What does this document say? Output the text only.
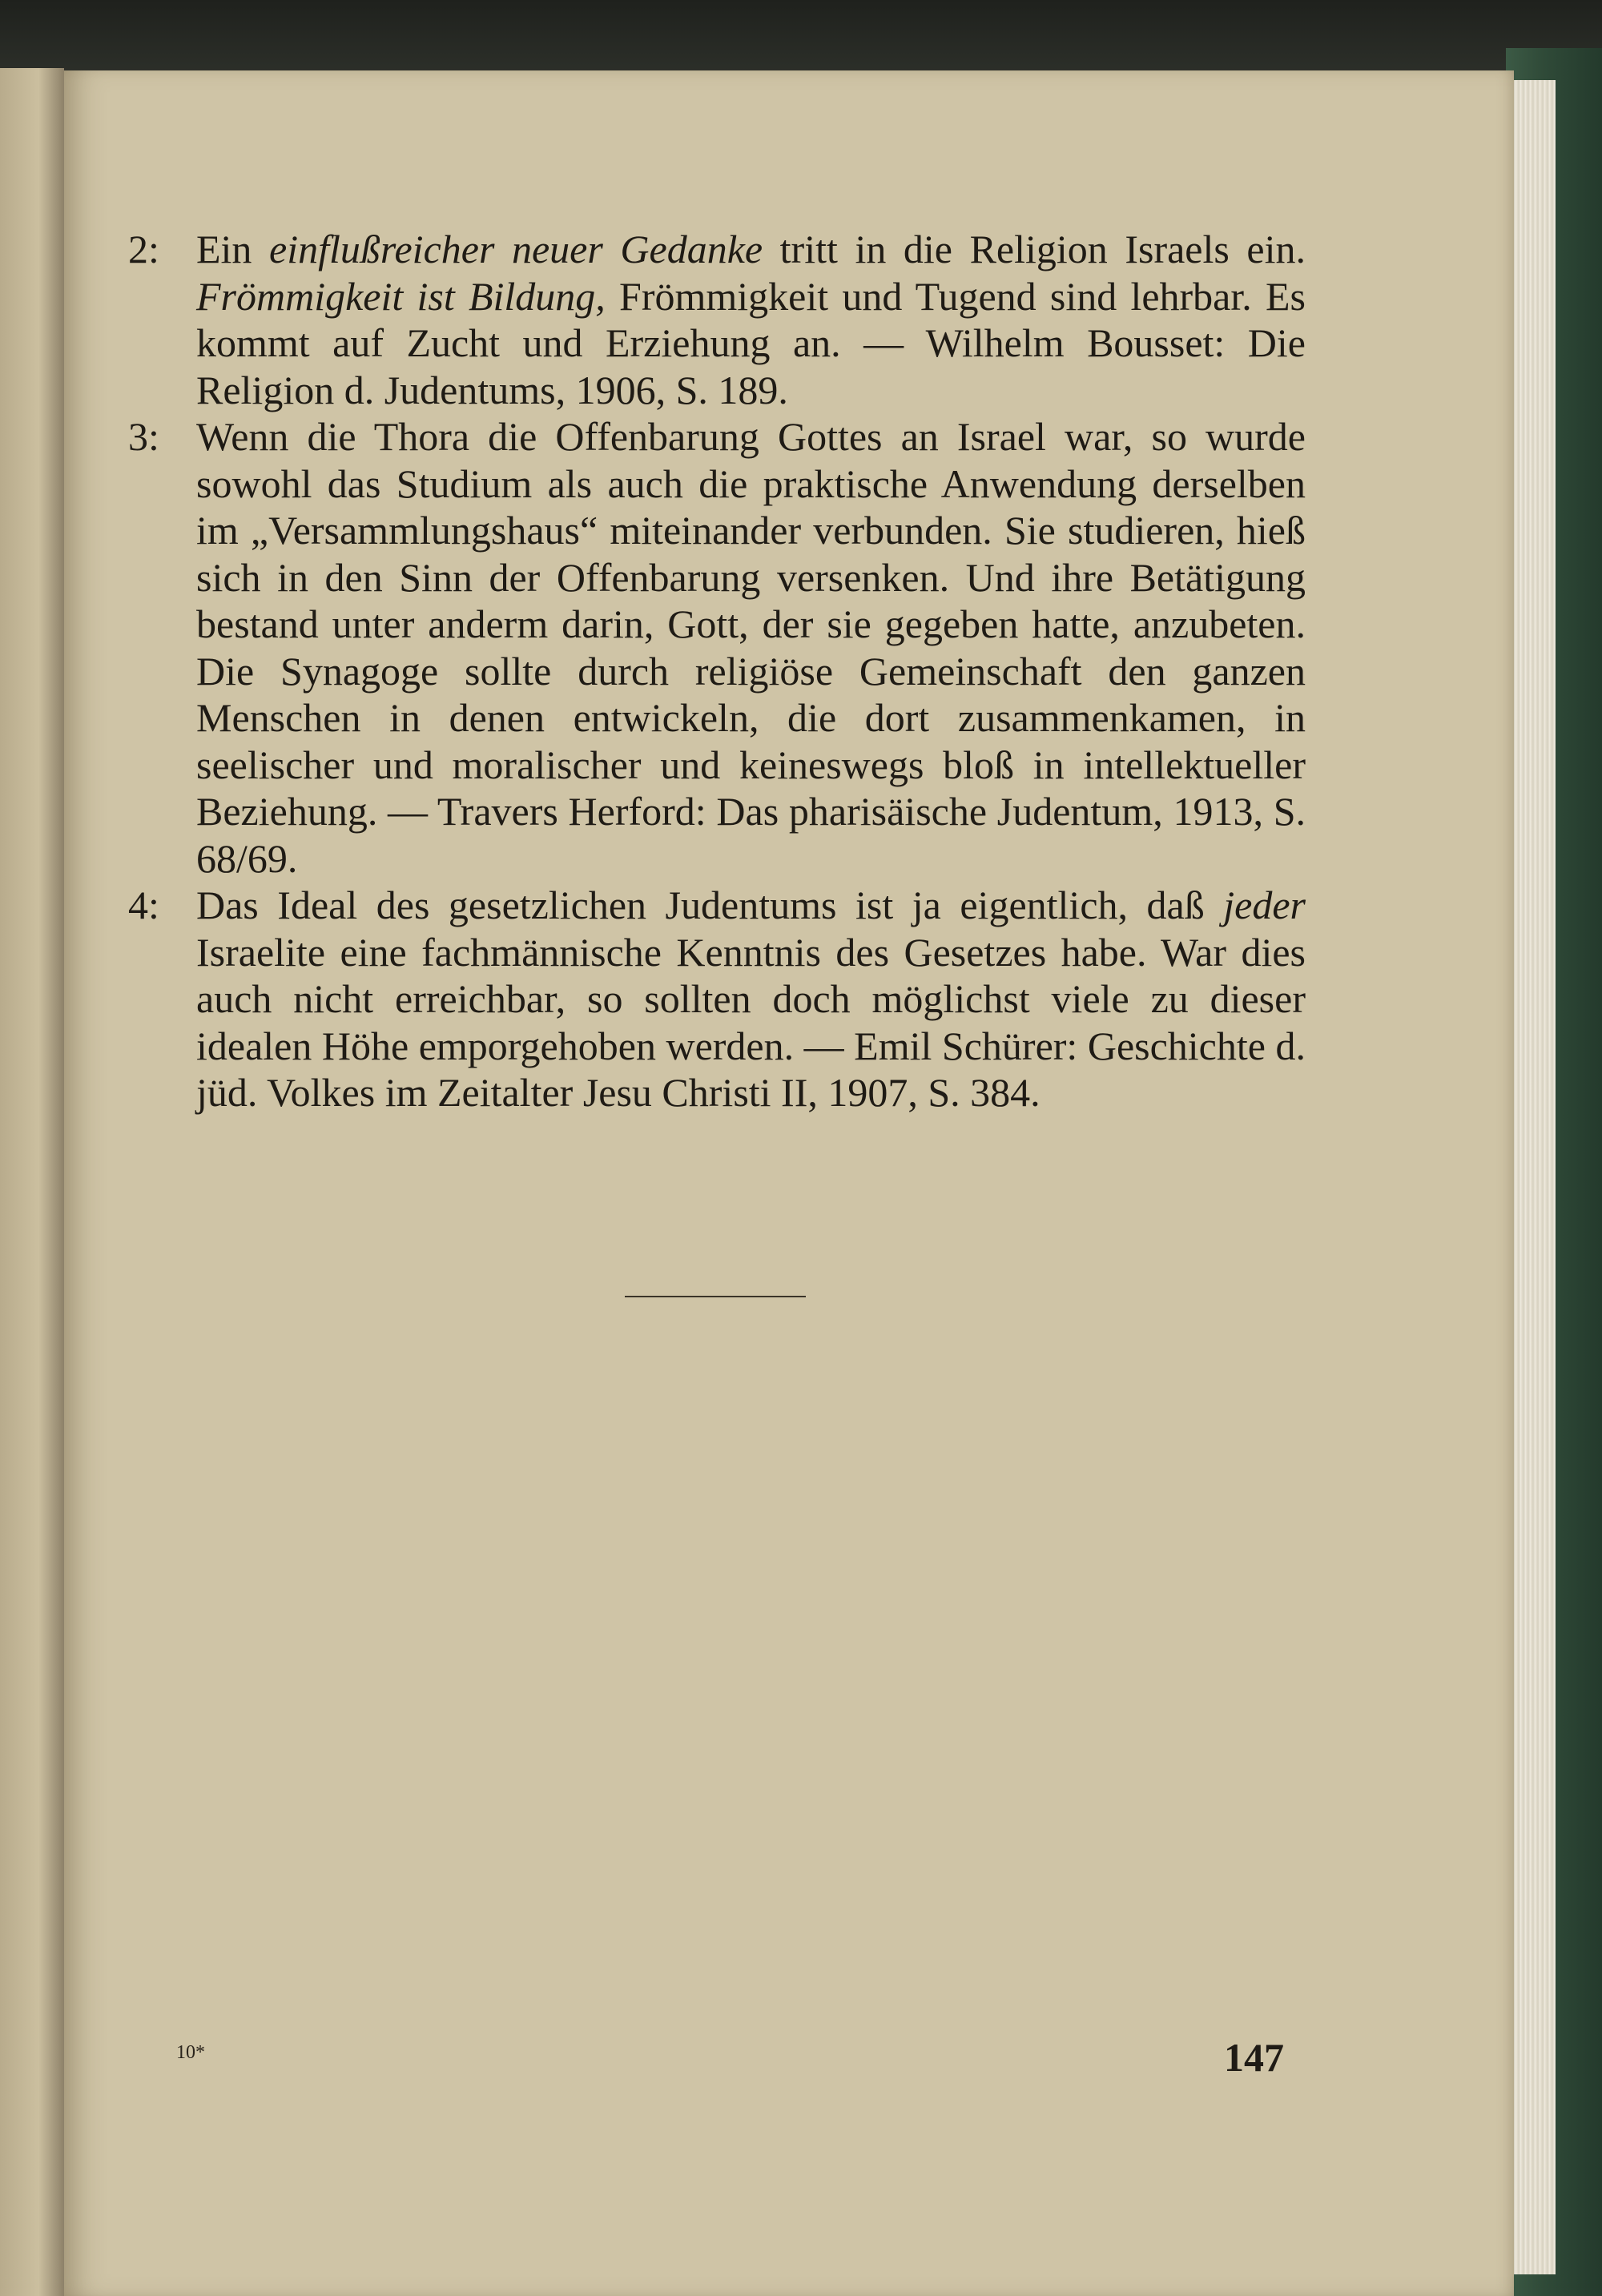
2: Ein einflußreicher neuer Gedanke tritt in die Religion Israels ein. Frömmigkeit ist Bildung, Frömmigkeit und Tugend sind lehrbar. Es kommt auf Zucht und Erziehung an. — Wilhelm Bousset: Die Religion d. Judentums, 1906, S. 189.
3: Wenn die Thora die Offenbarung Gottes an Israel war, so wurde sowohl das Studium als auch die praktische Anwendung derselben im „Versammlungshaus“ miteinander verbunden. Sie studieren, hieß sich in den Sinn der Offenbarung versenken. Und ihre Betätigung bestand unter anderm darin, Gott, der sie gegeben hatte, anzubeten. Die Synagoge sollte durch religiöse Gemeinschaft den ganzen Menschen in denen entwickeln, die dort zusammenkamen, in seelischer und moralischer und keineswegs bloß in intellektueller Beziehung. — Travers Herford: Das pharisäische Judentum, 1913, S. 68/69.
4: Das Ideal des gesetzlichen Judentums ist ja eigentlich, daß jeder Israelite eine fachmännische Kenntnis des Gesetzes habe. War dies auch nicht erreichbar, so sollten doch möglichst viele zu dieser idealen Höhe emporgehoben werden. — Emil Schürer: Geschichte d. jüd. Volkes im Zeitalter Jesu Christi II, 1907, S. 384.
10*	147
